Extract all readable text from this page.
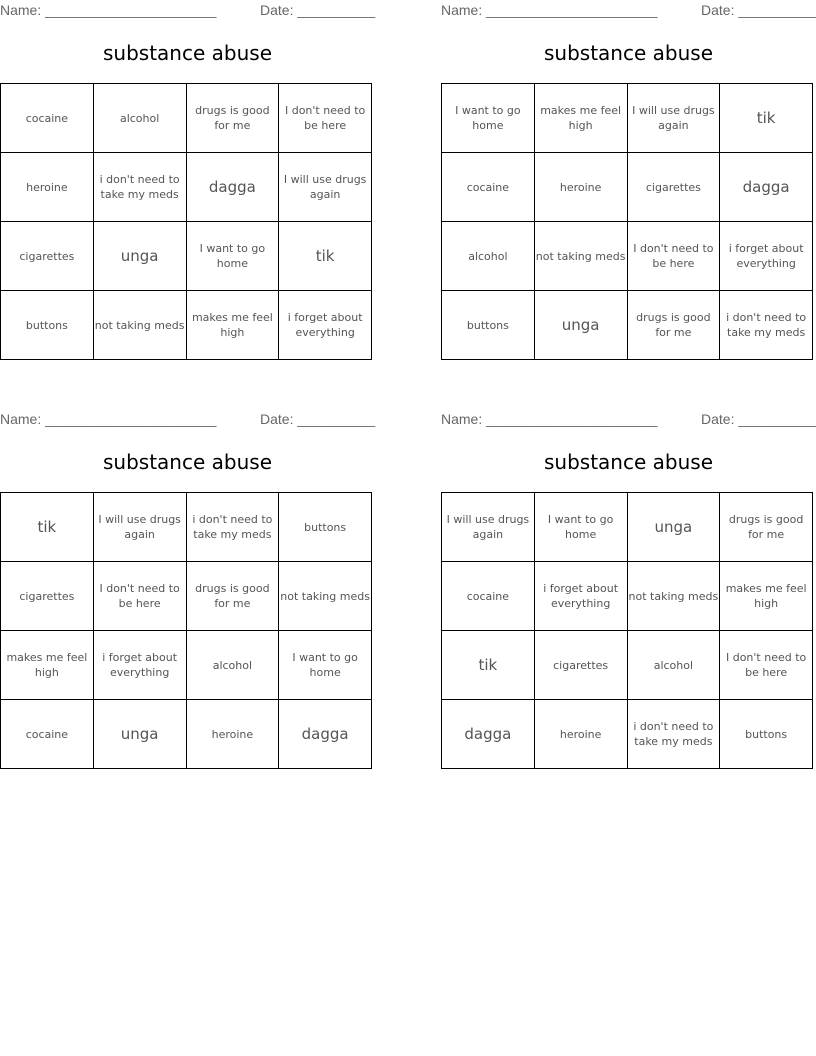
Name: ______________________	Date: __________
substance abuse
cocaine	alcohol	drugs is good for me	I don't need to be here
heroine	i don't need to take my meds	dagga	I will use drugs again
cigarettes	unga	I want to go home	tik
buttons	not taking meds	makes me feel high	i forget about everything
Name: ______________________	Date: __________
substance abuse
I want to go home	makes me feel high	I will use drugs again	tik
cocaine	heroine	cigarettes	dagga
alcohol	not taking meds	I don't need to be here	i forget about everything
buttons	unga	drugs is good for me	i don't need to take my meds
Name: ______________________	Date: __________
substance abuse
tik	I will use drugs again	i don't need to take my meds	buttons
cigarettes	I don't need to be here	drugs is good for me	not taking meds
makes me feel high	i forget about everything	alcohol	I want to go home
cocaine	unga	heroine	dagga
Name: ______________________	Date: __________
substance abuse
I will use drugs again	I want to go home	unga	drugs is good for me
cocaine	i forget about everything	not taking meds	makes me feel high
tik	cigarettes	alcohol	I don't need to be here
dagga	heroine	i don't need to take my meds	buttons
